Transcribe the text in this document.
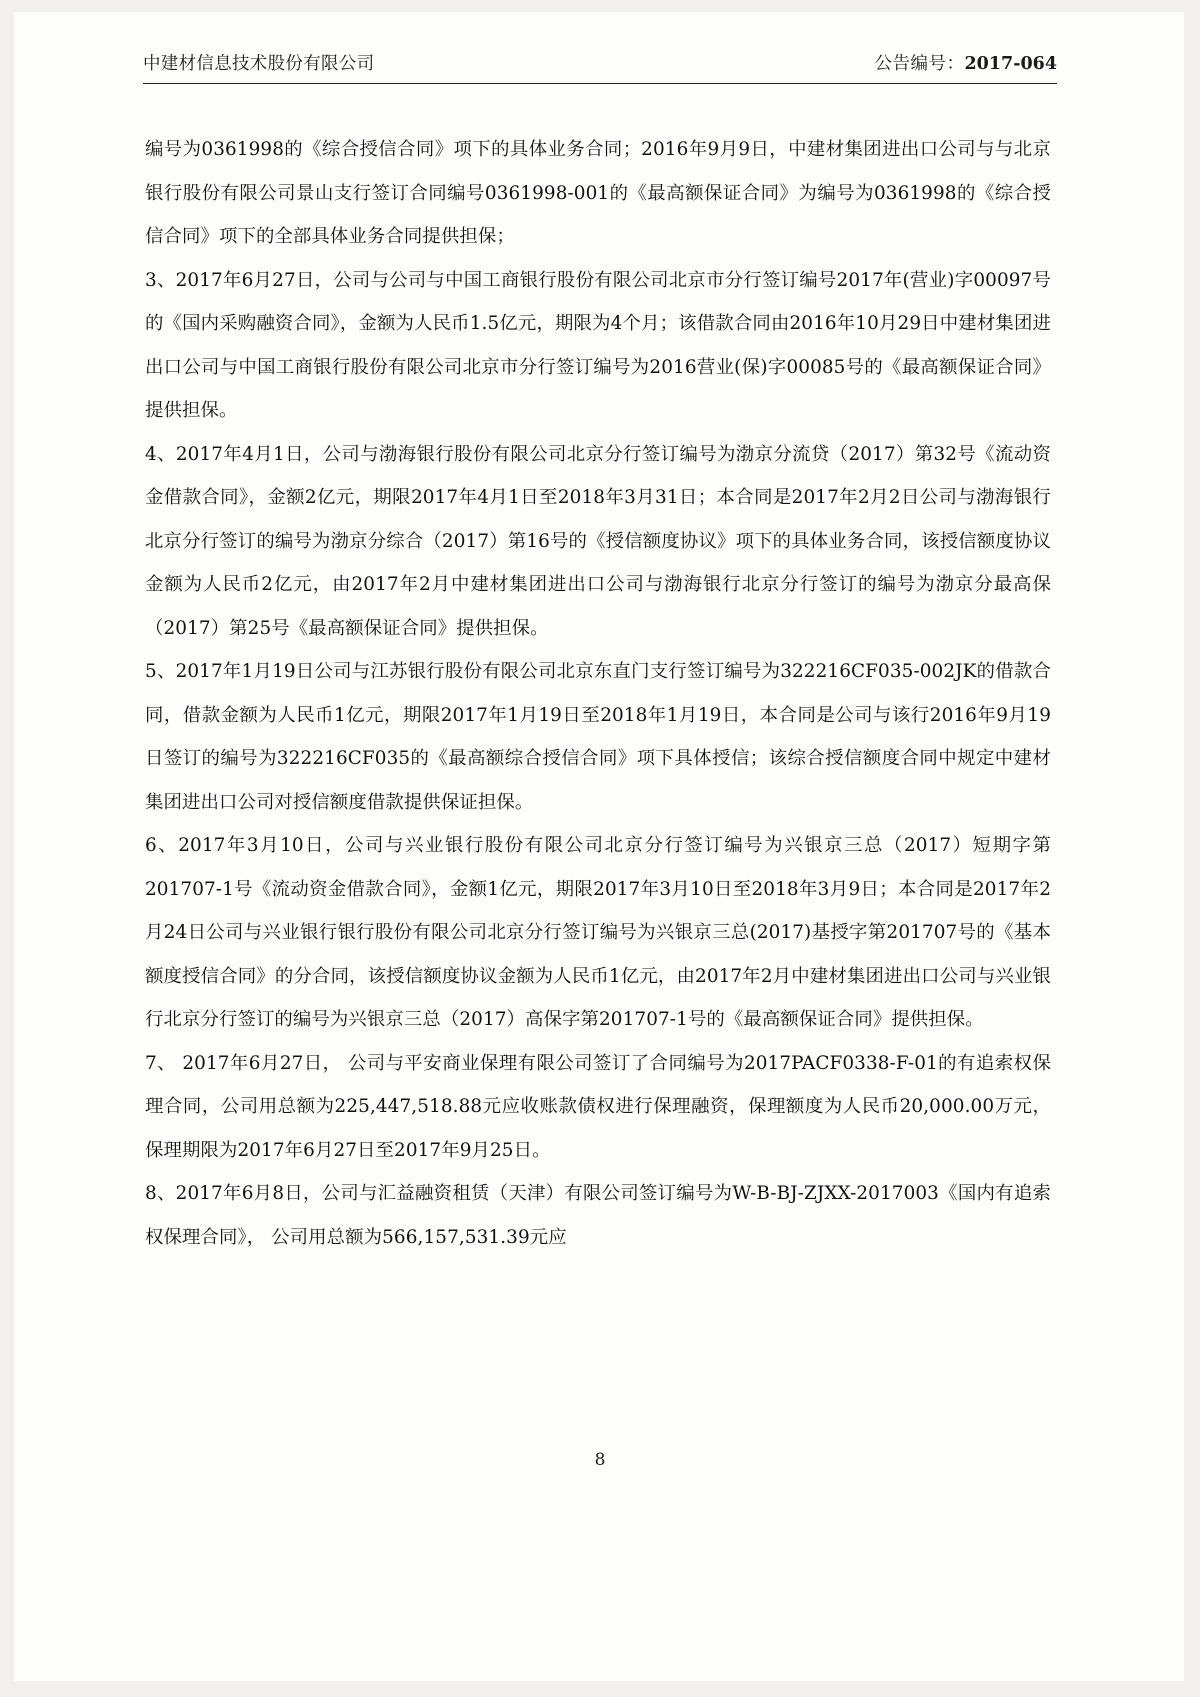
中建材信息技术股份有限公司	公告编号：2017-064

编号为0361998的《综合授信合同》项下的具体业务合同；2016年9月9日，中建材集团进出口公司与与北京银行股份有限公司景山支行签订合同编号0361998-001的《最高额保证合同》为编号为0361998的《综合授信合同》项下的全部具体业务合同提供担保；

3、2017年6月27日，公司与公司与中国工商银行股份有限公司北京市分行签订编号2017年(营业)字00097号的《国内采购融资合同》，金额为人民币1.5亿元，期限为4个月；该借款合同由2016年10月29日中建材集团进出口公司与中国工商银行股份有限公司北京市分行签订编号为2016营业(保)字00085号的《最高额保证合同》提供担保。

4、2017年4月1日，公司与渤海银行股份有限公司北京分行签订编号为渤京分流贷（2017）第32号《流动资金借款合同》，金额2亿元，期限2017年4月1日至2018年3月31日；本合同是2017年2月2日公司与渤海银行北京分行签订的编号为渤京分综合（2017）第16号的《授信额度协议》项下的具体业务合同，该授信额度协议金额为人民币2亿元，由2017年2月中建材集团进出口公司与渤海银行北京分行签订的编号为渤京分最高保（2017）第25号《最高额保证合同》提供担保。

5、2017年1月19日公司与江苏银行股份有限公司北京东直门支行签订编号为322216CF035-002JK的借款合同，借款金额为人民币1亿元，期限2017年1月19日至2018年1月19日，本合同是公司与该行2016年9月19日签订的编号为322216CF035的《最高额综合授信合同》项下具体授信；该综合授信额度合同中规定中建材集团进出口公司对授信额度借款提供保证担保。

6、2017年3月10日，公司与兴业银行股份有限公司北京分行签订编号为兴银京三总（2017）短期字第201707-1号《流动资金借款合同》，金额1亿元，期限2017年3月10日至2018年3月9日；本合同是2017年2月24日公司与兴业银行银行股份有限公司北京分行签订编号为兴银京三总(2017)基授字第201707号的《基本额度授信合同》的分合同，该授信额度协议金额为人民币1亿元，由2017年2月中建材集团进出口公司与兴业银行北京分行签订的编号为兴银京三总（2017）高保字第201707-1号的《最高额保证合同》提供担保。

7、 2017年6月27日， 公司与平安商业保理有限公司签订了合同编号为2017PACF0338-F-01的有追索权保理合同，公司用总额为225,447,518.88元应收账款债权进行保理融资，保理额度为人民币20,000.00万元，保理期限为2017年6月27日至2017年9月25日。

8、2017年6月8日，公司与汇益融资租赁（天津）有限公司签订编号为W-B-BJ-ZJXX-2017003《国内有追索权保理合同》， 公司用总额为566,157,531.39元应

8
